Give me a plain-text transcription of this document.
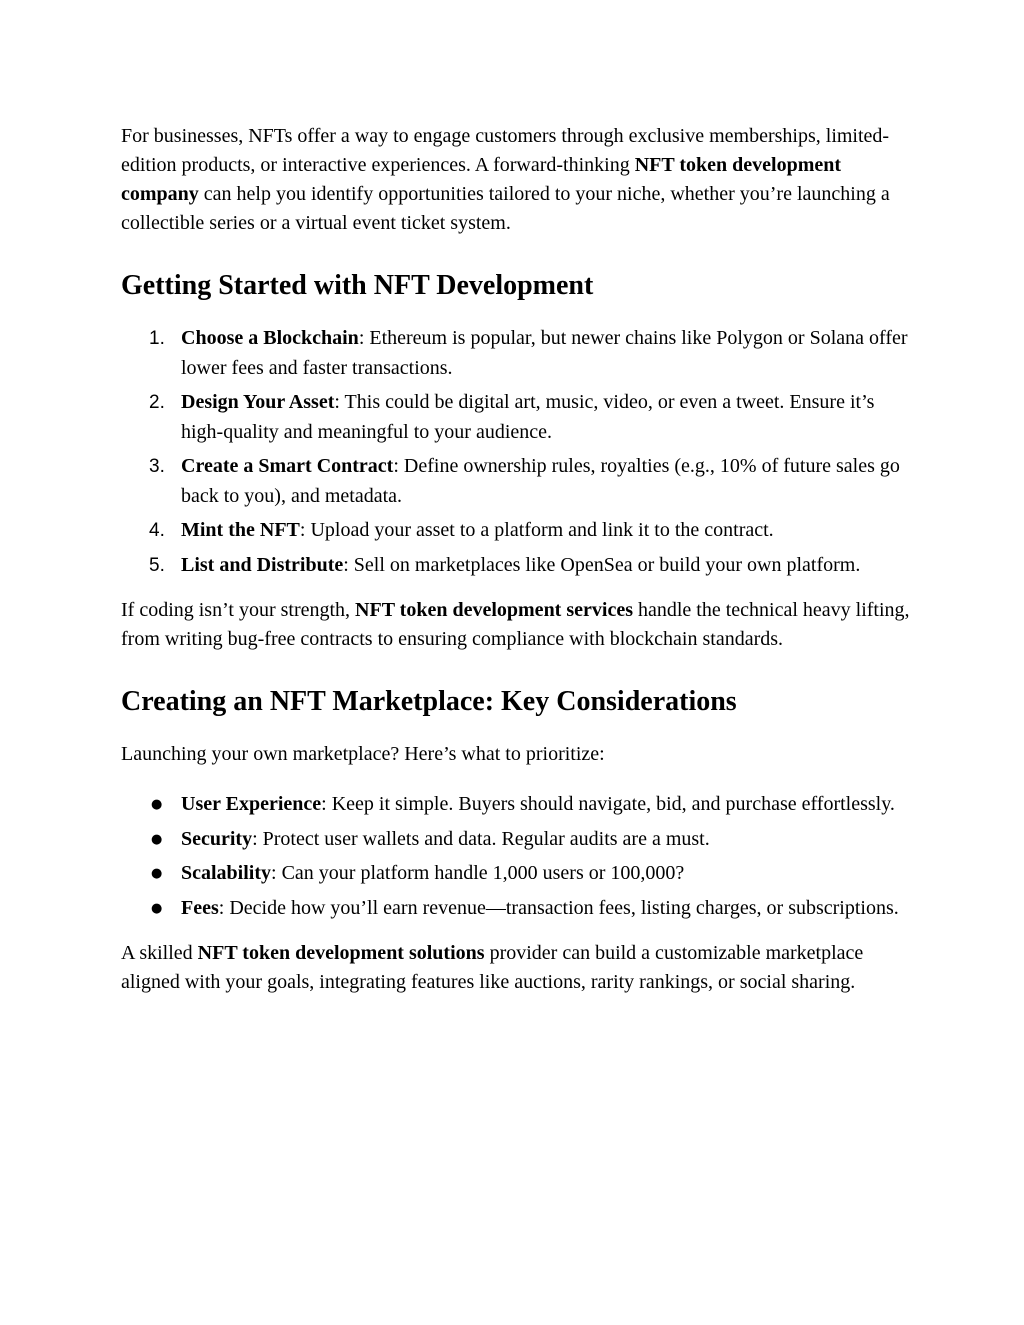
For businesses, NFTs offer a way to engage customers through exclusive memberships, limited-edition products, or interactive experiences. A forward-thinking NFT token development company can help you identify opportunities tailored to your niche, whether you’re launching a collectible series or a virtual event ticket system.

Getting Started with NFT Development
1. Choose a Blockchain: Ethereum is popular, but newer chains like Polygon or Solana offer lower fees and faster transactions.
2. Design Your Asset: This could be digital art, music, video, or even a tweet. Ensure it’s high-quality and meaningful to your audience.
3. Create a Smart Contract: Define ownership rules, royalties (e.g., 10% of future sales go back to you), and metadata.
4. Mint the NFT: Upload your asset to a platform and link it to the contract.
5. List and Distribute: Sell on marketplaces like OpenSea or build your own platform.

If coding isn’t your strength, NFT token development services handle the technical heavy lifting, from writing bug-free contracts to ensuring compliance with blockchain standards.

Creating an NFT Marketplace: Key Considerations

Launching your own marketplace? Here’s what to prioritize:

● User Experience: Keep it simple. Buyers should navigate, bid, and purchase effortlessly.
● Security: Protect user wallets and data. Regular audits are a must.
● Scalability: Can your platform handle 1,000 users or 100,000?
● Fees: Decide how you’ll earn revenue—transaction fees, listing charges, or subscriptions.

A skilled NFT token development solutions provider can build a customizable marketplace aligned with your goals, integrating features like auctions, rarity rankings, or social sharing.
